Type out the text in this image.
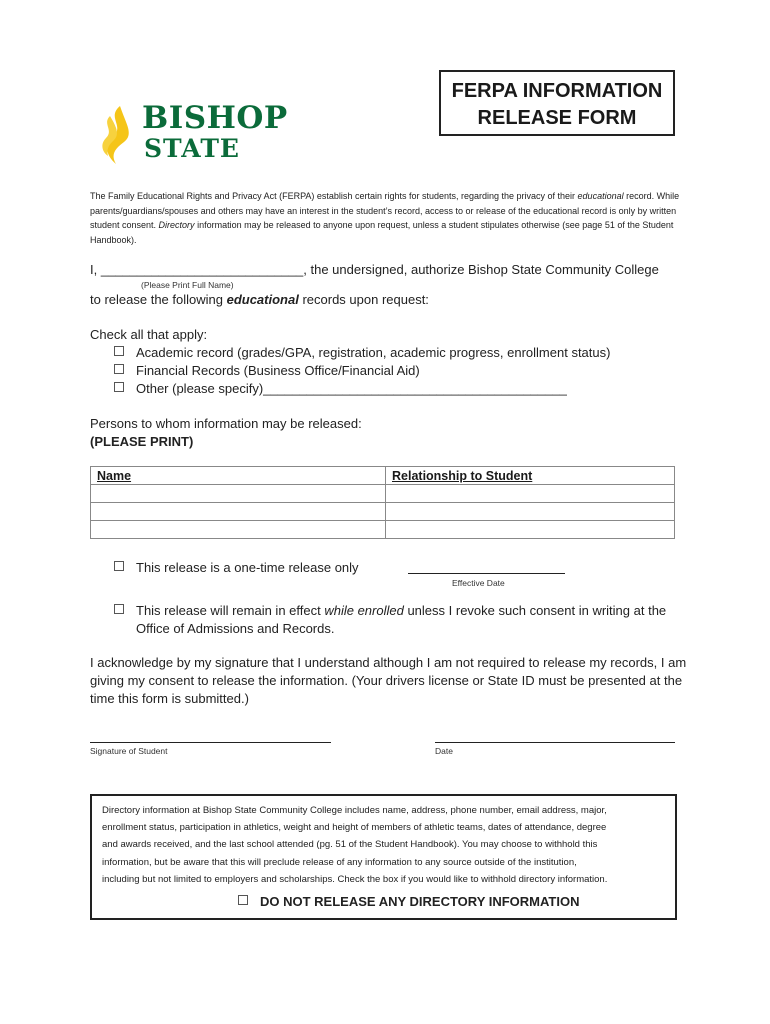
BISHOP
STATE
FERPA INFORMATION
RELEASE FORM
The Family Educational Rights and Privacy Act (FERPA) establish certain rights for students, regarding the privacy of their educational record. While parents/guardians/spouses and others may have an interest in the student’s record, access to or release of the educational record is only by written student consent. Directory information may be released to anyone upon request, unless a student stipulates otherwise (see page 51 of the Student Handbook).
I, ____________________________, the undersigned, authorize Bishop State Community College
(Please Print Full Name)
to release the following educational records upon request:
Check all that apply:
Academic record (grades/GPA, registration, academic progress, enrollment status)
Financial Records (Business Office/Financial Aid)
Other (please specify)__________________________________________
Persons to whom information may be released:
(PLEASE PRINT)
Name	Relationship to Student

This release is a one-time release only
Effective Date
This release will remain in effect while enrolled unless I revoke such consent in writing at the
Office of Admissions and Records.
I acknowledge by my signature that I understand although I am not required to release my records, I am
giving my consent to release the information. (Your drivers license or State ID must be presented at the
time this form is submitted.)
Signature of Student	Date
Directory information at Bishop State Community College includes name, address, phone number, email address, major,
enrollment status, participation in athletics, weight and height of members of athletic teams, dates of attendance, degree
and awards received, and the last school attended (pg. 51 of the Student Handbook). You may choose to withhold this
information, but be aware that this will preclude release of any information to any source outside of the institution,
including but not limited to employers and scholarships. Check the box if you would like to withhold directory information.
DO NOT RELEASE ANY DIRECTORY INFORMATION
